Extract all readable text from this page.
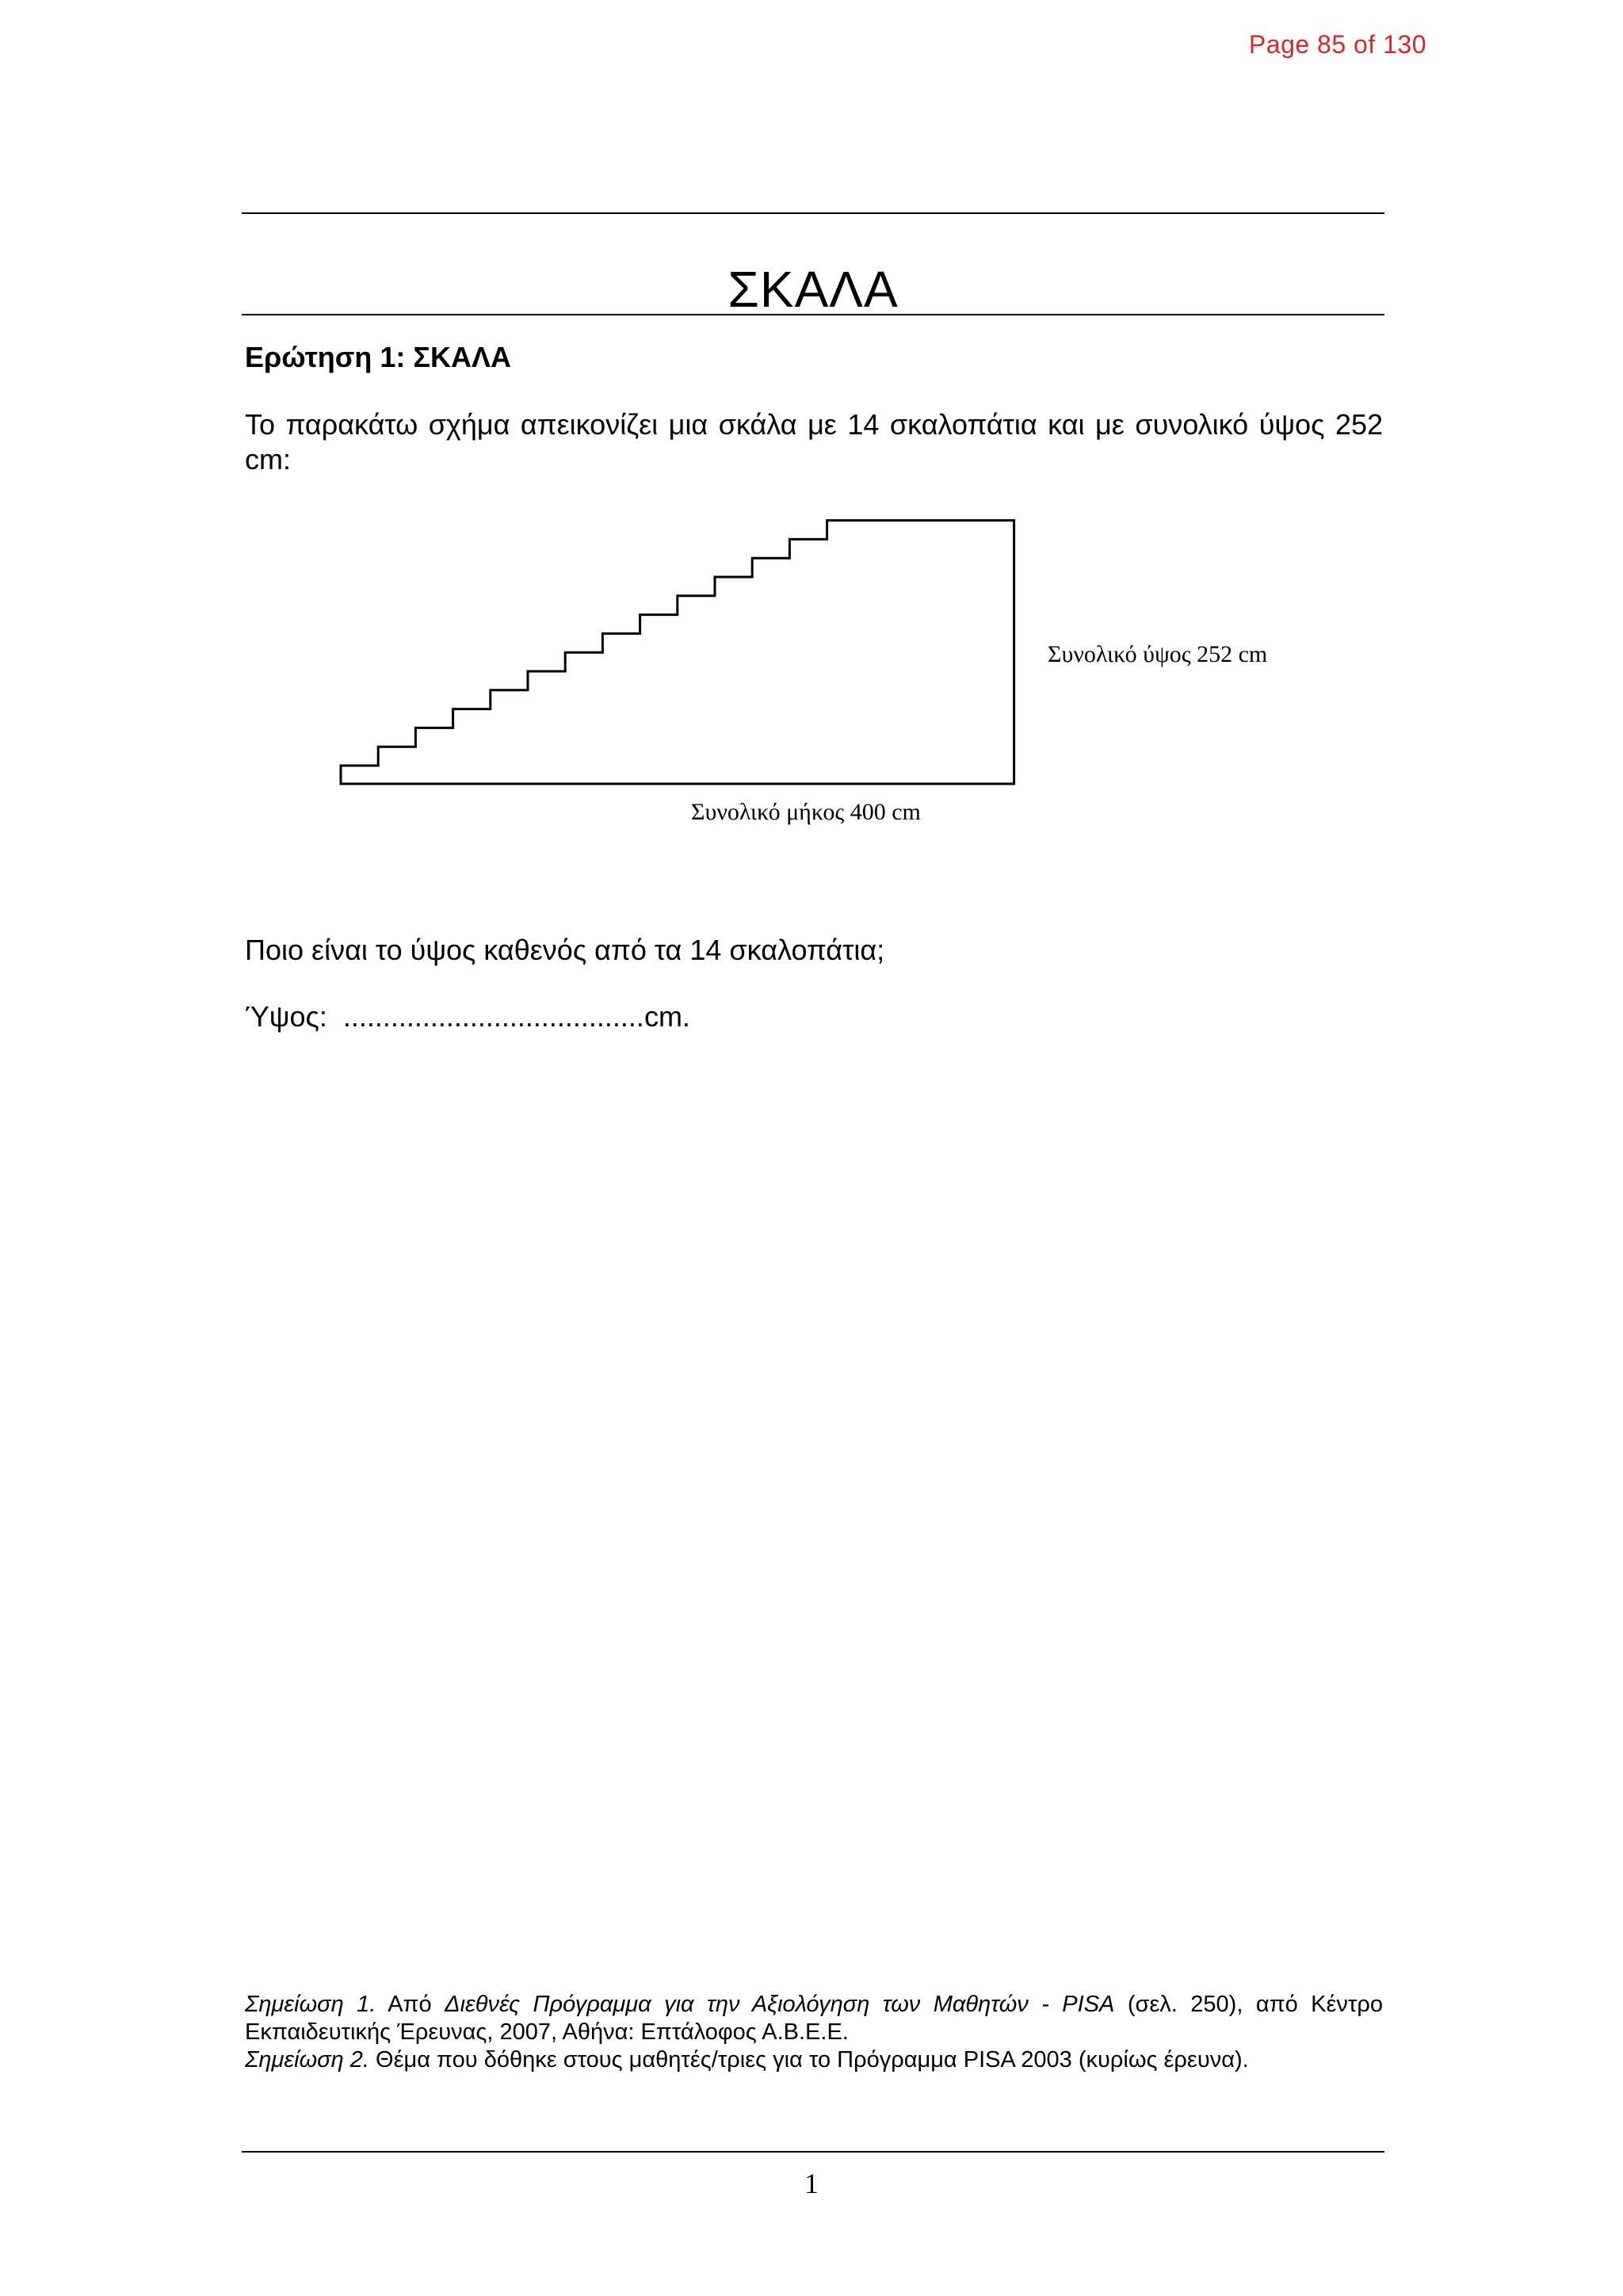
Page 85 of 130
ΣΚΑΛΑ
Ερώτηση 1: ΣΚΑΛΑ
Το παρακάτω σχήμα απεικονίζει μια σκάλα με 14 σκαλοπάτια και με συνολικό ύψος 252 cm:
Συνολικό ύψος 252 cm
Συνολικό μήκος 400 cm
Ποιο είναι το ύψος καθενός από τα 14 σκαλοπάτια;
Ύψος: ......................................cm.

Σημείωση 1. Από Διεθνές Πρόγραμμα για την Αξιολόγηση των Μαθητών - PISA (σελ. 250), από Κέντρο Εκπαιδευτικής Έρευνας, 2007, Αθήνα: Επτάλοφος Α.Β.Ε.Ε.

Σημείωση 2. Θέμα που δόθηκε στους μαθητές/τριες για το Πρόγραμμα PISA 2003 (κυρίως έρευνα).

1
